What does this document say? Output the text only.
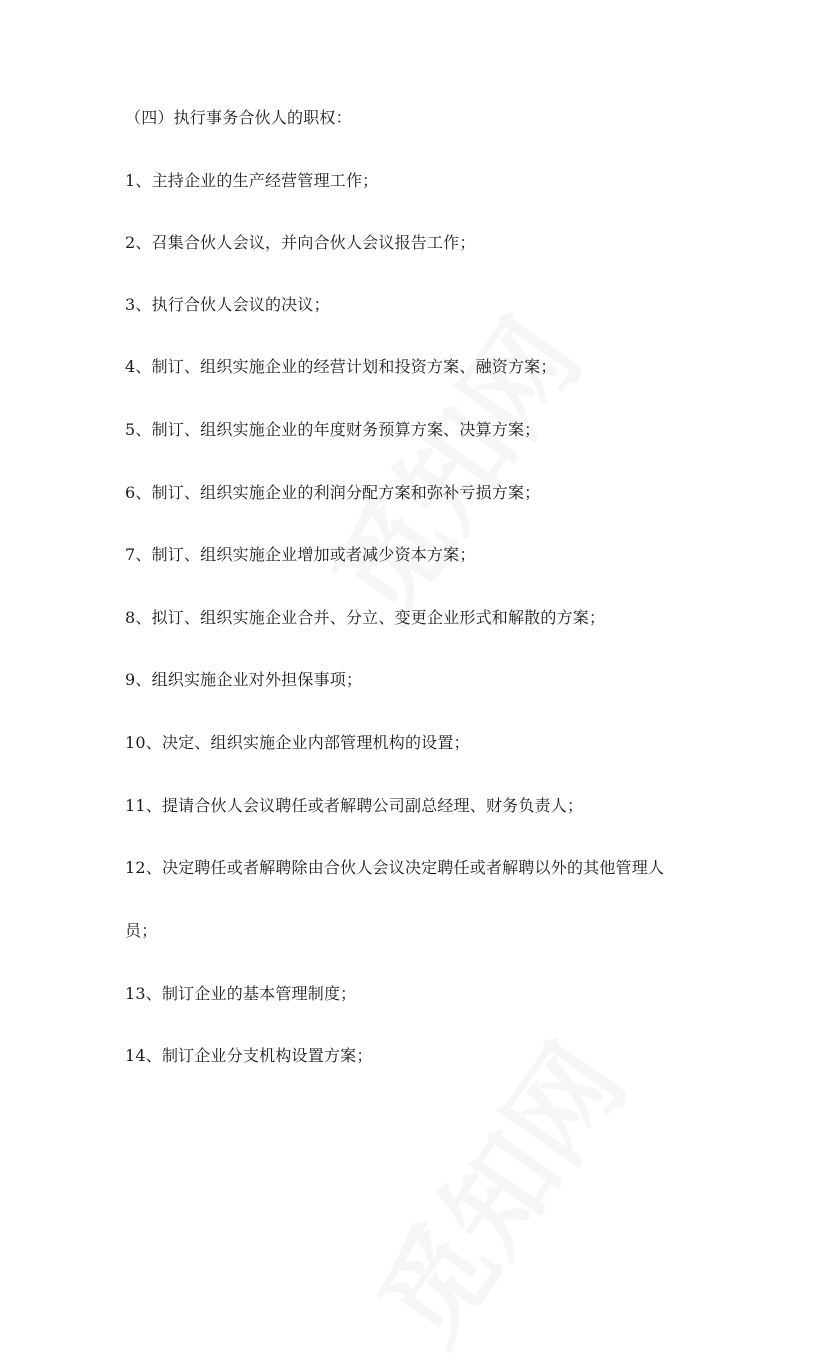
（四）执行事务合伙人的职权：
1、主持企业的生产经营管理工作；
2、召集合伙人会议，并向合伙人会议报告工作；
3、执行合伙人会议的决议；
4、制订、组织实施企业的经营计划和投资方案、融资方案；
5、制订、组织实施企业的年度财务预算方案、决算方案；
6、制订、组织实施企业的利润分配方案和弥补亏损方案；
7、制订、组织实施企业增加或者减少资本方案；
8、拟订、组织实施企业合并、分立、变更企业形式和解散的方案；
9、组织实施企业对外担保事项；
10、决定、组织实施企业内部管理机构的设置；
11、提请合伙人会议聘任或者解聘公司副总经理、财务负责人；
12、决定聘任或者解聘除由合伙人会议决定聘任或者解聘以外的其他管理人
员；
13、制订企业的基本管理制度；
14、制订企业分支机构设置方案；
